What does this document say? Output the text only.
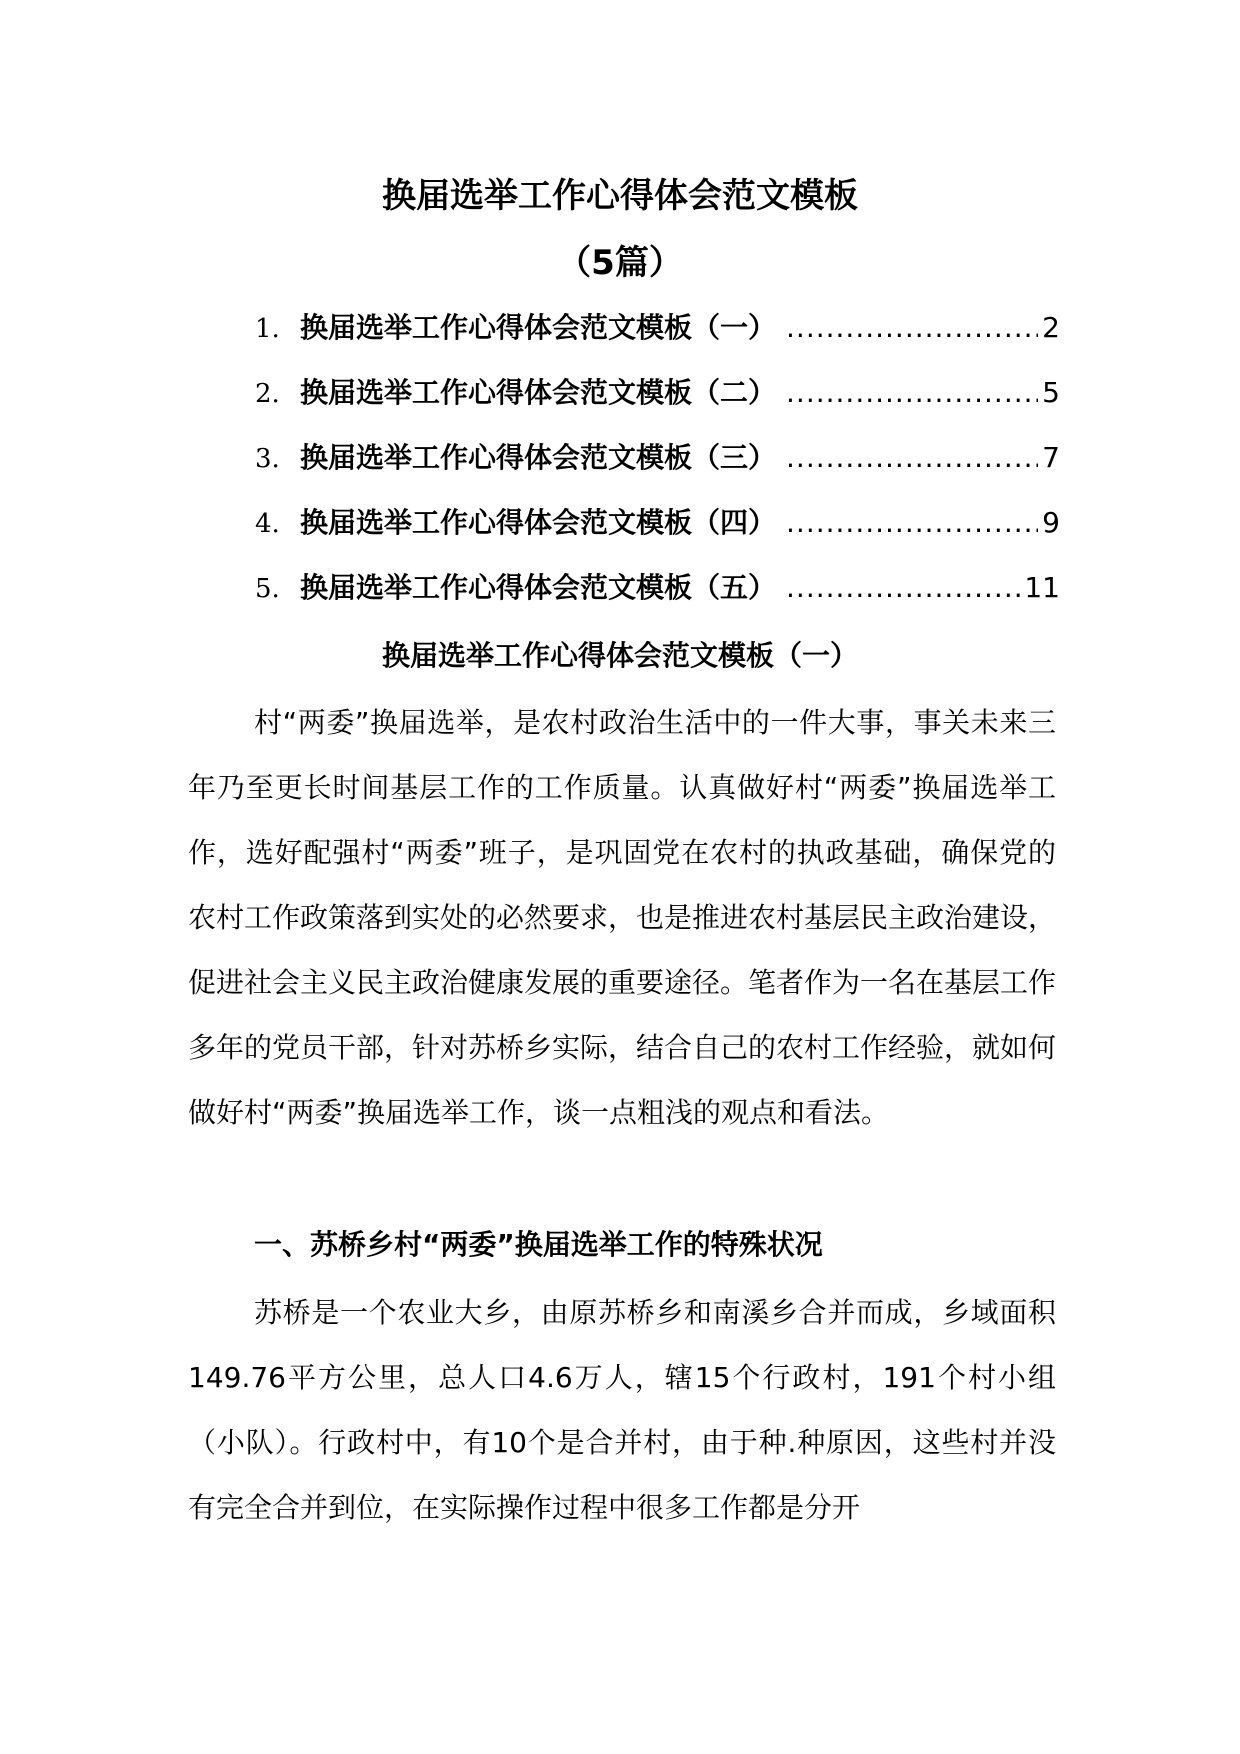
换届选举工作心得体会范文模板
（5篇）
1. 换届选举工作心得体会范文模板（一） .....	2
2. 换届选举工作心得体会范文模板（二） .....	5
3. 换届选举工作心得体会范文模板（三） .....	7
4. 换届选举工作心得体会范文模板（四） .....	9
5. 换届选举工作心得体会范文模板（五） .....	11
换届选举工作心得体会范文模板（一）

村“两委”换届选举，是农村政治生活中的一件大事，事关未来三年乃至更长时间基层工作的工作质量。认真做好村“两委”换届选举工作，选好配强村“两委”班子，是巩固党在农村的执政基础，确保党的农村工作政策落到实处的必然要求，也是推进农村基层民主政治建设，促进社会主义民主政治健康发展的重要途径。笔者作为一名在基层工作多年的党员干部，针对苏桥乡实际，结合自己的农村工作经验，就如何做好村“两委”换届选举工作，谈一点粗浅的观点和看法。

一、苏桥乡村“两委”换届选举工作的特殊状况

苏桥是一个农业大乡，由原苏桥乡和南溪乡合并而成，乡域面积149.76平方公里，总人口4.6万人，辖15个行政村，191个村小组（小队）。行政村中，有10个是合并村，由于种.种原因，这些村并没有完全合并到位，在实际操作过程中很多工作都是分开
